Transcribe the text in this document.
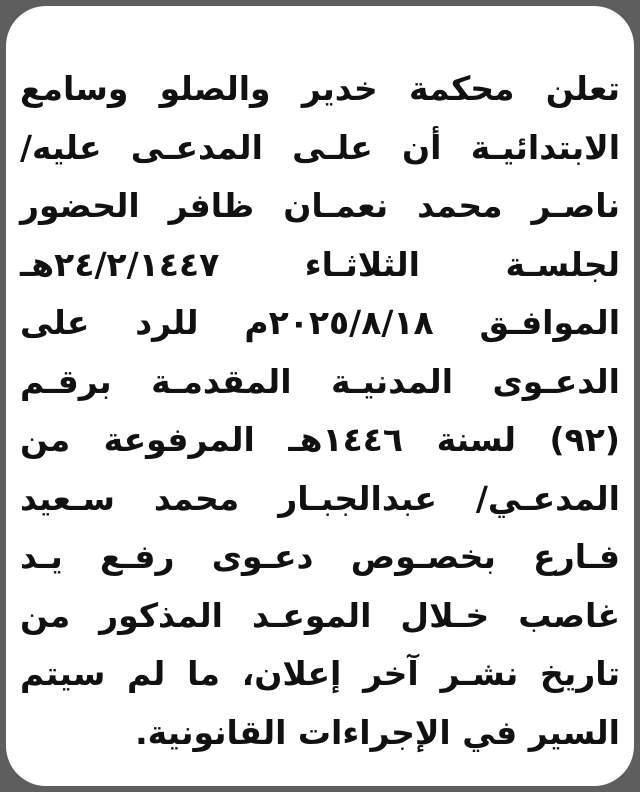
تعلن محكمة خدير والصلو وسامع
الابتدائيـة أن علـى المدعـى عليه/
ناصـر محمد نعمـان ظافر الحضور
لجلسـة الثلاثـاء ٢٤/٢/١٤٤٧هـ
الموافـق ٢٠٢٥/٨/١٨م للرد على
الدعـوى المدنيـة المقدمـة برقـم
(٩٢) لسنة ١٤٤٦هـ المرفوعة من
المدعـي/ عبدالجبـار محمد سـعيد
فـارع بخصـوص دعـوى رفـع يـد
غاصب خـلال الموعـد المذكور من
تاريخ نشـر آخر إعلان، ما لم سيتم
السير في الإجراءات القانونية.
